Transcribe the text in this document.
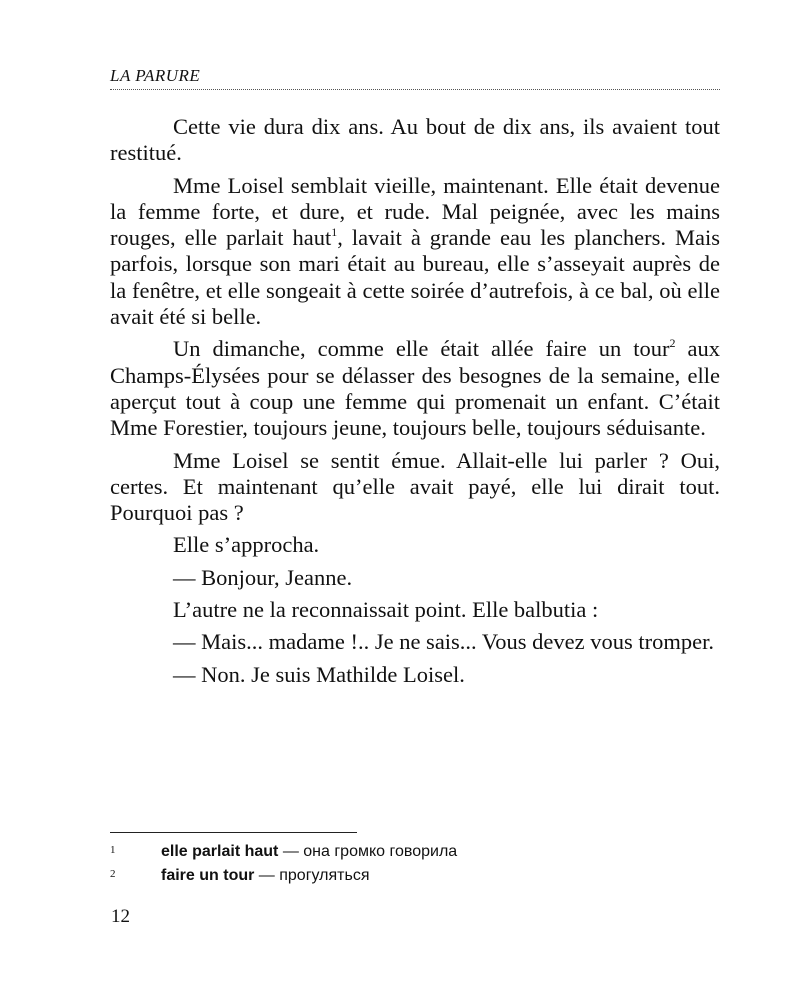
LA PARURE

Cette vie dura dix ans. Au bout de dix ans, ils avaient tout restitué.

Mme Loisel semblait vieille, maintenant. Elle était devenue la femme forte, et dure, et rude. Mal peignée, avec les mains rouges, elle parlait haut$^1$, lavait à grande eau les planchers. Mais parfois, lorsque son mari était au bureau, elle s’asseyait auprès de la fenêtre, et elle songeait à cette soirée d’autrefois, à ce bal, où elle avait été si belle.

Un dimanche, comme elle était allée faire un tour$^2$ aux Champs-Élysées pour se délasser des besognes de la semaine, elle aperçut tout à coup une femme qui promenait un enfant. C’était Mme Forestier, toujours jeune, toujours belle, toujours séduisante.

Mme Loisel se sentit émue. Allait-elle lui parler ? Oui, certes. Et maintenant qu’elle avait payé, elle lui dirait tout. Pourquoi pas ?

Elle s’approcha.

— Bonjour, Jeanne.

L’autre ne la reconnaissait point. Elle balbutia :

— Mais... madame !.. Je ne sais... Vous devez vous tromper.

— Non. Je suis Mathilde Loisel.

1	elle parlait haut — она громко говорила
2	faire un tour — прогуляться
12
